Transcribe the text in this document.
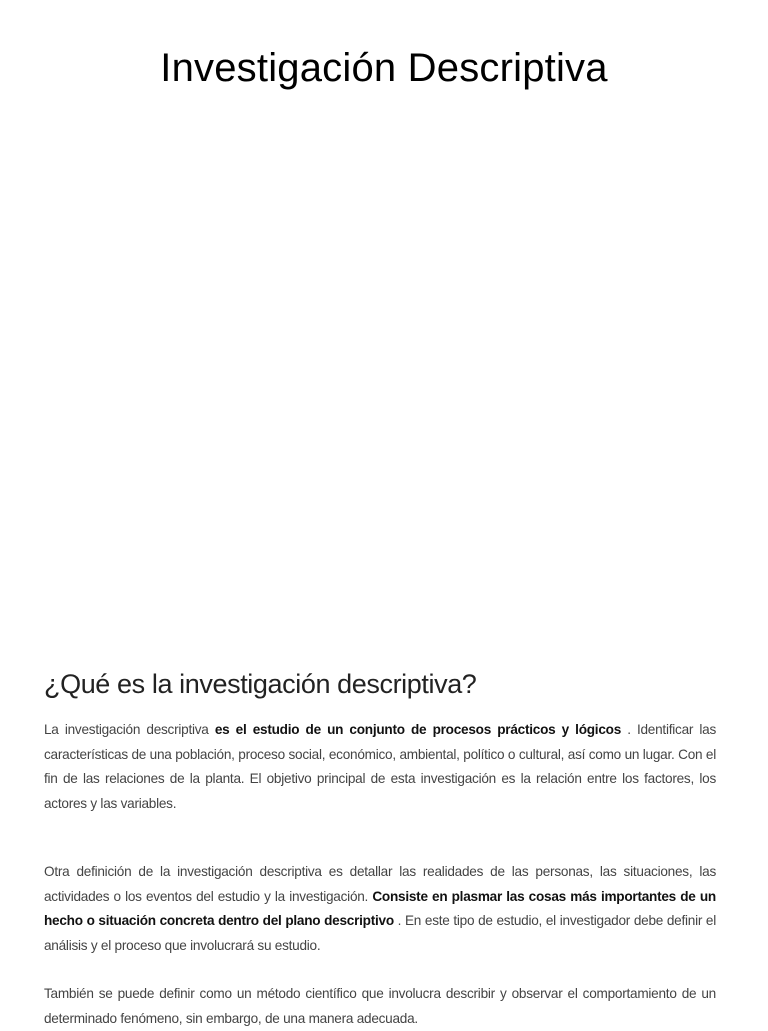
Investigación Descriptiva
¿Qué es la investigación descriptiva?

La investigación descriptiva es el estudio de un conjunto de procesos prácticos y lógicos . Identificar las características de una población, proceso social, económico, ambiental, político o cultural, así como un lugar. Con el fin de las relaciones de la planta. El objetivo principal de esta investigación es la relación entre los factores, los actores y las variables.

Otra definición de la investigación descriptiva es detallar las realidades de las personas, las situaciones, las actividades o los eventos del estudio y la investigación. Consiste en plasmar las cosas más importantes de un hecho o situación concreta dentro del plano descriptivo . En este tipo de estudio, el investigador debe definir el análisis y el proceso que involucrará su estudio.

También se puede definir como un método científico que involucra describir y observar el comportamiento de un determinado fenómeno, sin embargo, de una manera adecuada.
